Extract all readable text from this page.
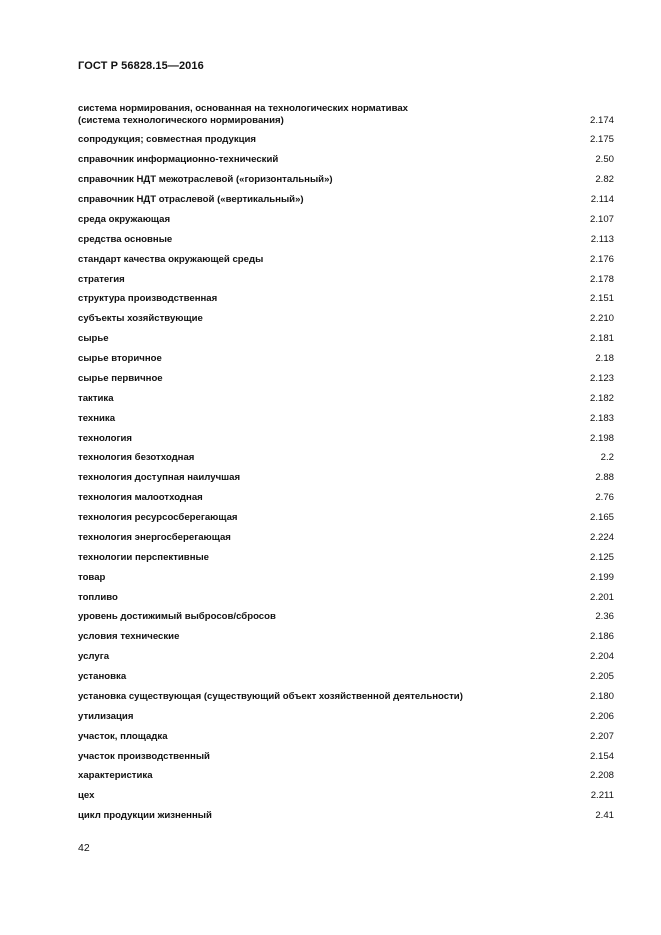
ГОСТ Р 56828.15—2016
система нормирования, основанная на технологических нормативах
(система технологического нормирования)	2.174
сопродукция; совместная продукция	2.175
справочник информационно-технический	2.50
справочник НДТ межотраслевой («горизонтальный»)	2.82
справочник НДТ отраслевой («вертикальный»)	2.114
среда окружающая	2.107
средства основные	2.113
стандарт качества окружающей среды	2.176
стратегия	2.178
структура производственная	2.151
субъекты хозяйствующие	2.210
сырье	2.181
сырье вторичное	2.18
сырье первичное	2.123
тактика	2.182
техника	2.183
технология	2.198
технология безотходная	2.2
технология доступная наилучшая	2.88
технология малоотходная	2.76
технология ресурсосберегающая	2.165
технология энергосберегающая	2.224
технологии перспективные	2.125
товар	2.199
топливо	2.201
уровень достижимый выбросов/сбросов	2.36
условия технические	2.186
услуга	2.204
установка	2.205
установка существующая (существующий объект хозяйственной деятельности)	2.180
утилизация	2.206
участок, площадка	2.207
участок производственный	2.154
характеристика	2.208
цех	2.211
цикл продукции жизненный	2.41
42
